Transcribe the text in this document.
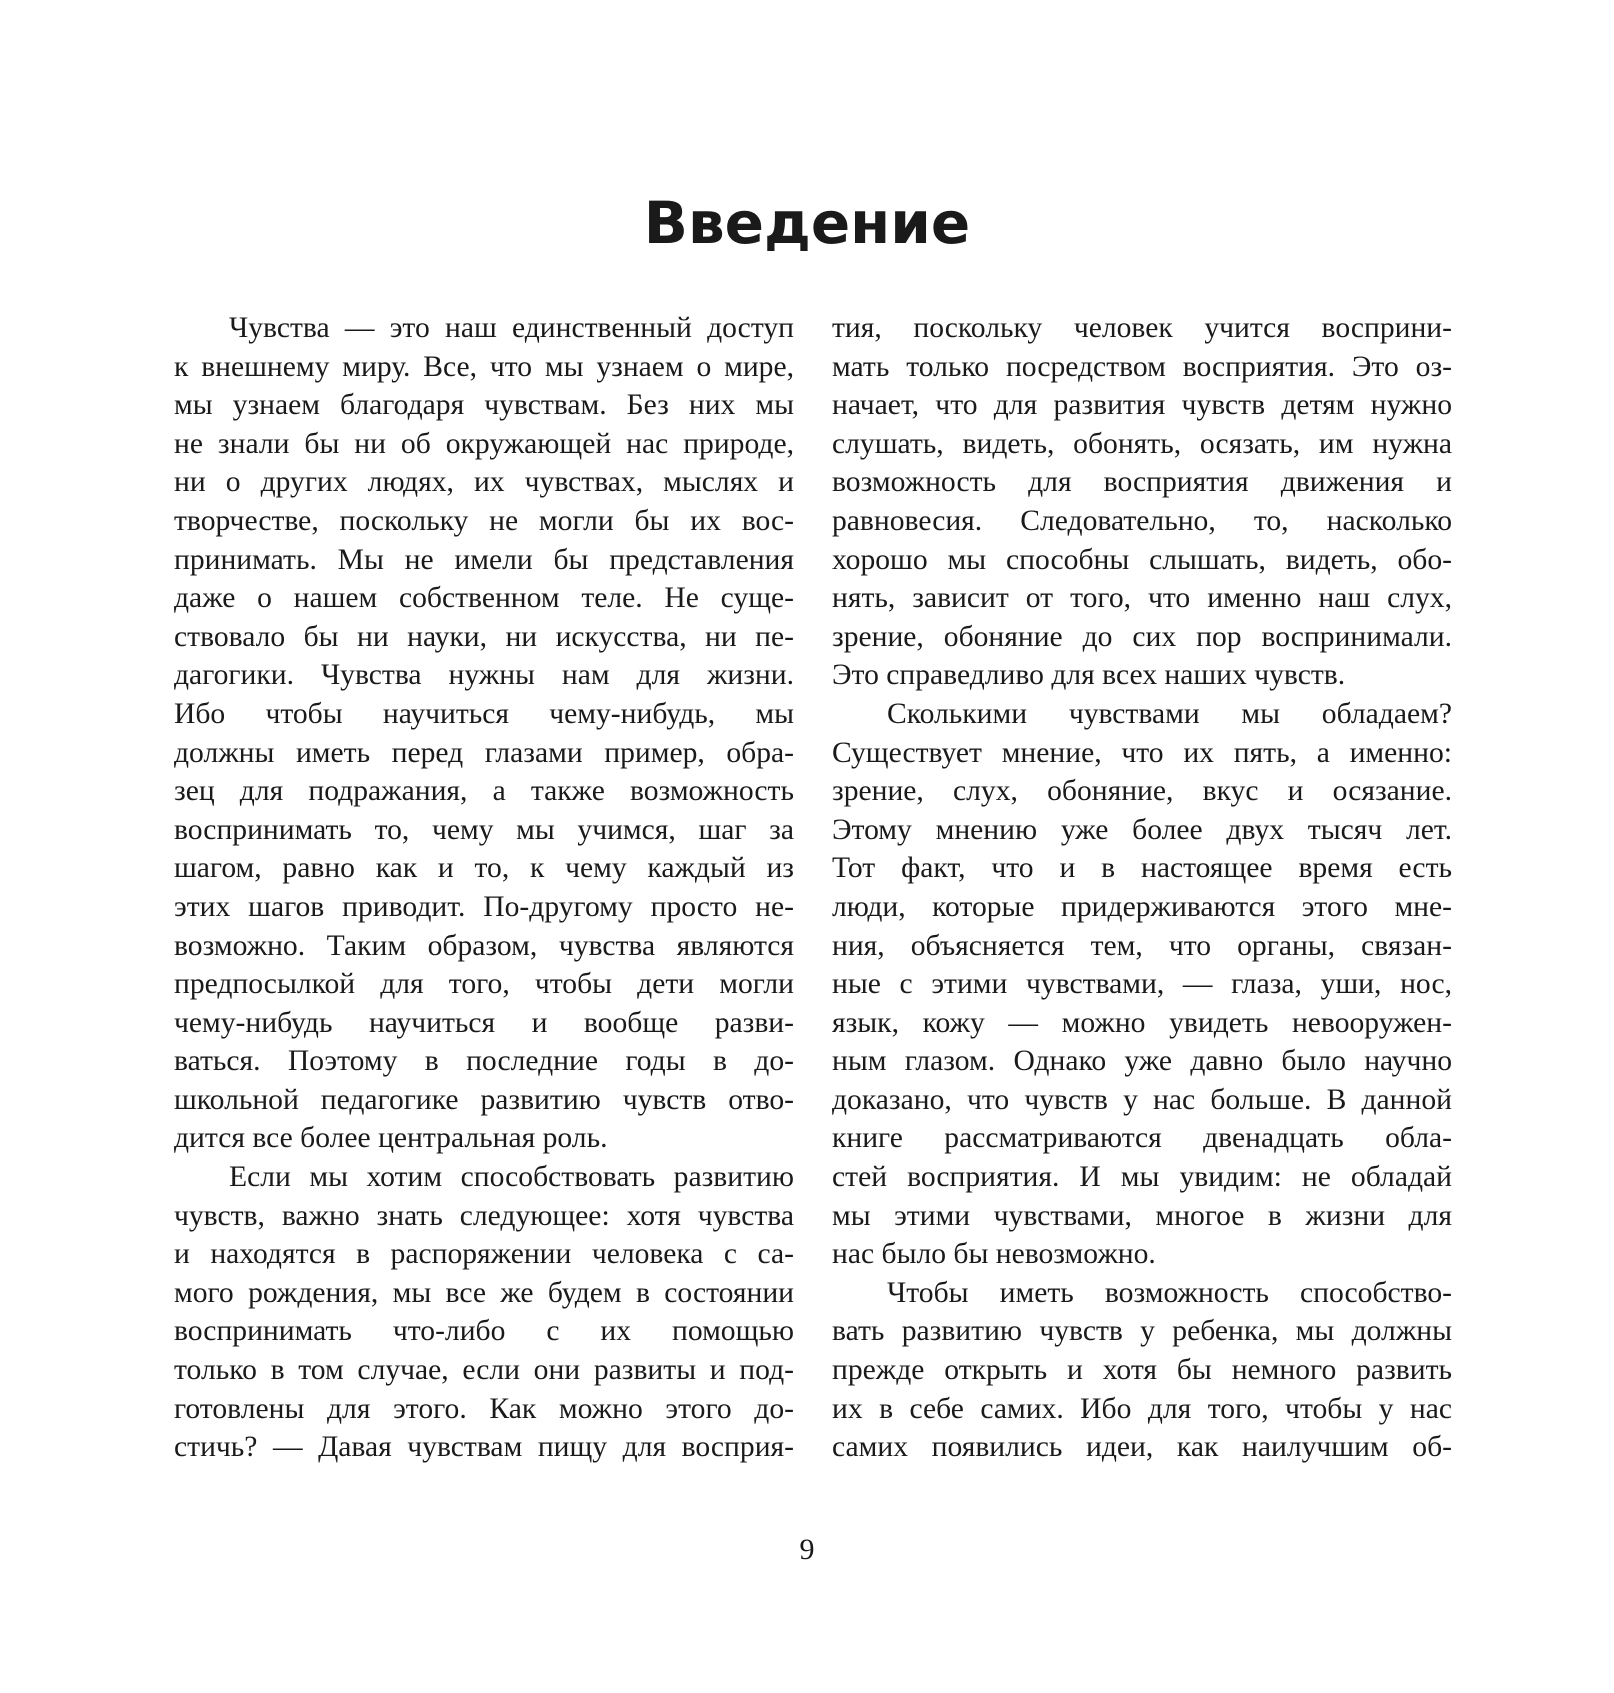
Введение
Чувства — это наш единственный доступ
к внешнему миру. Все, что мы узнаем о мире,
мы узнаем благодаря чувствам. Без них мы
не знали бы ни об окружающей нас природе,
ни о других людях, их чувствах, мыслях и
творчестве, поскольку не могли бы их вос-
принимать. Мы не имели бы представления
даже о нашем собственном теле. Не суще-
ствовало бы ни науки, ни искусства, ни пе-
дагогики. Чувства нужны нам для жизни.
Ибо чтобы научиться чему-нибудь, мы
должны иметь перед глазами пример, обра-
зец для подражания, а также возможность
воспринимать то, чему мы учимся, шаг за
шагом, равно как и то, к чему каждый из
этих шагов приводит. По-другому просто не-
возможно. Таким образом, чувства являются
предпосылкой для того, чтобы дети могли
чему-нибудь научиться и вообще разви-
ваться. Поэтому в последние годы в до-
школьной педагогике развитию чувств отво-
дится все более центральная роль.
Если мы хотим способствовать развитию
чувств, важно знать следующее: хотя чувства
и находятся в распоряжении человека с са-
мого рождения, мы все же будем в состоянии
воспринимать что-либо с их помощью
только в том случае, если они развиты и под-
готовлены для этого. Как можно этого до-
стичь? — Давая чувствам пищу для восприя-
тия, поскольку человек учится восприни-
мать только посредством восприятия. Это оз-
начает, что для развития чувств детям нужно
слушать, видеть, обонять, осязать, им нужна
возможность для восприятия движения и
равновесия. Следовательно, то, насколько
хорошо мы способны слышать, видеть, обо-
нять, зависит от того, что именно наш слух,
зрение, обоняние до сих пор воспринимали.
Это справедливо для всех наших чувств.
Сколькими чувствами мы обладаем?
Существует мнение, что их пять, а именно:
зрение, слух, обоняние, вкус и осязание.
Этому мнению уже более двух тысяч лет.
Тот факт, что и в настоящее время есть
люди, которые придерживаются этого мне-
ния, объясняется тем, что органы, связан-
ные с этими чувствами, — глаза, уши, нос,
язык, кожу — можно увидеть невооружен-
ным глазом. Однако уже давно было научно
доказано, что чувств у нас больше. В данной
книге рассматриваются двенадцать обла-
стей восприятия. И мы увидим: не обладай
мы этими чувствами, многое в жизни для
нас было бы невозможно.
Чтобы иметь возможность способство-
вать развитию чувств у ребенка, мы должны
прежде открыть и хотя бы немного развить
их в себе самих. Ибо для того, чтобы у нас
самих появились идеи, как наилучшим об-
9
